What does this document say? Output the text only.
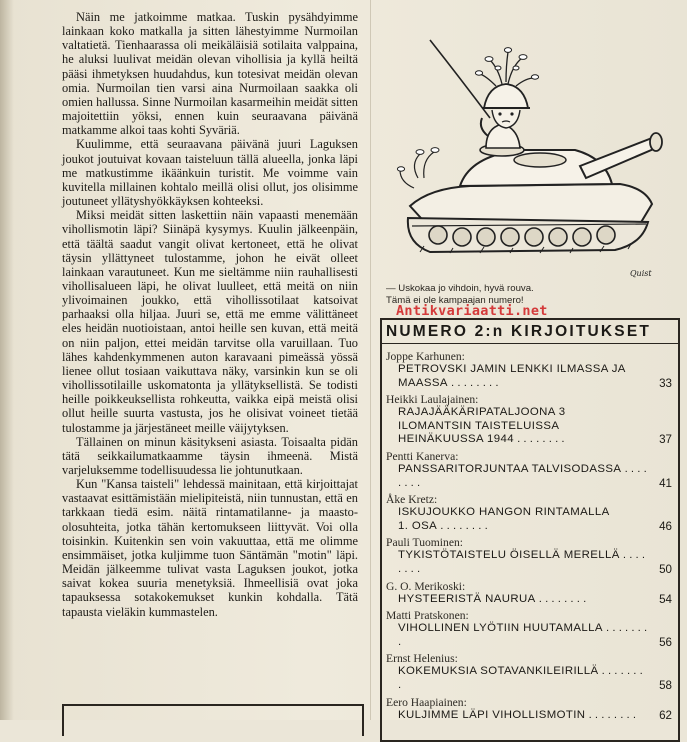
Näin me jatkoimme matkaa. Tuskin pysähdyimme lainkaan koko matkalla ja sitten lähestyimme Nurmoilan valtatietä. Tienhaarassa oli meikäläisiä sotilaita valppaina, he aluksi luulivat meidän olevan vihollisia ja kyllä heiltä pääsi ihmetyksen huudahdus, kun totesivat meidän olevan omia. Nurmoilan tien varsi aina Nurmoilaan saakka oli omien hallussa. Sinne Nurmoilan kasarmeihin meidät sitten majoitettiin yöksi, ennen kuin seuraavana päivänä matkamme alkoi taas kohti Syväriä.

Kuulimme, että seuraavana päivänä juuri Laguksen joukot joutuivat kovaan taisteluun tällä alueella, jonka läpi me matkustimme ikäänkuin turistit. Me voimme vain kuvitella millainen kohtalo meillä olisi ollut, jos olisimme joutuneet yllätyshyökkäyksen kohteeksi.

Miksi meidät sitten laskettiin näin vapaasti menemään vihollismotin läpi? Siinäpä kysymys. Kuulin jälkeenpäin, että täältä saadut vangit olivat kertoneet, että he olivat täysin yllättyneet tulostamme, johon he eivät olleet lainkaan varautuneet. Kun me sieltämme niin rauhallisesti vihollisalueen läpi, he olivat luulleet, että meitä on niin ylivoimainen joukko, että vihollissotilaat katsoivat parhaaksi olla hiljaa. Juuri se, että me emme välittäneet eles heidän nuotioistaan, antoi heille sen kuvan, että meitä on niin paljon, ettei meidän tarvitse olla varuillaan. Tuo lähes kahdenkymmenen auton karavaani pimeässä yössä lienee ollut tosiaan vaikuttava näky, varsinkin kun se oli vihollissotilaille uskomatonta ja yllätyksellistä. Se todisti heille poikkeuksellista rohkeutta, vaikka eipä meistä olisi ollut heille suurta vastusta, jos he olisivat voineet tietää tulostamme ja järjestäneet meille väijytyksen.

Tällainen on minun käsitykseni asiasta. Toisaalta pidän tätä seikkailumatkaamme täysin ihmeenä. Mistä varjeluksemme todellisuudessa lie johtunutkaan.

Kun "Kansa taisteli" lehdessä mainitaan, että kirjoittajat vastaavat esittämistään mielipiteistä, niin tunnustan, että en tarkkaan tiedä esim. näitä rintamatilanne- ja maasto-olosuhteita, jotka tähän kertomukseen liittyvät. Voi olla toisinkin. Kuitenkin sen voin vakuuttaa, että me olimme ensimmäiset, jotka kuljimme tuon Säntämän "motin" läpi. Meidän jälkeemme tulivat vasta Laguksen joukot, jotka saivat kokea suuria menetyksiä. Ihmeellisiä ovat joka tapauksessa sotakokemukset kunkin kohdalla. Tätä tapausta vieläkin kummastelen.

Quist
— Uskokaa jo vihdoin, hyvä rouva.
Tämä ei ole kampaajan numero!
Antikvariaatti.net
NUMERO 2:n KIRJOITUKSET
Joppe Karhunen:
PETROVSKI JAMIN LENKKI ILMASSA JA
MAASSA . . .	33
Heikki Laulajainen:
RAJAJÄÄKÄRIPATALJOONA 3
ILOMANTSIN TAISTELUISSA
HEINÄKUUSSA 1944 . . .	37
Pentti Kanerva:
PANSSARITORJUNTAA TALVISODASSA . . .
41
Åke Kretz:
ISKUJOUKKO HANGON RINTAMALLA
1. OSA . . .	46
Pauli Tuominen:
TYKISTÖTAISTELU ÖISELLÄ MERELLÄ . . .
50
G. O. Merikoski:
HYSTEERISTÄ NAURUA . . .	54
Matti Pratskonen:
VIHOLLINEN LYÖTIIN HUUTAMALLA . . .
56
Ernst Helenius:
KOKEMUKSIA SOTAVANKILEIRILLÄ . . .
58
Eero Haapiainen:
KULJIMME LÄPI VIHOLLISMOTIN . . .	62
